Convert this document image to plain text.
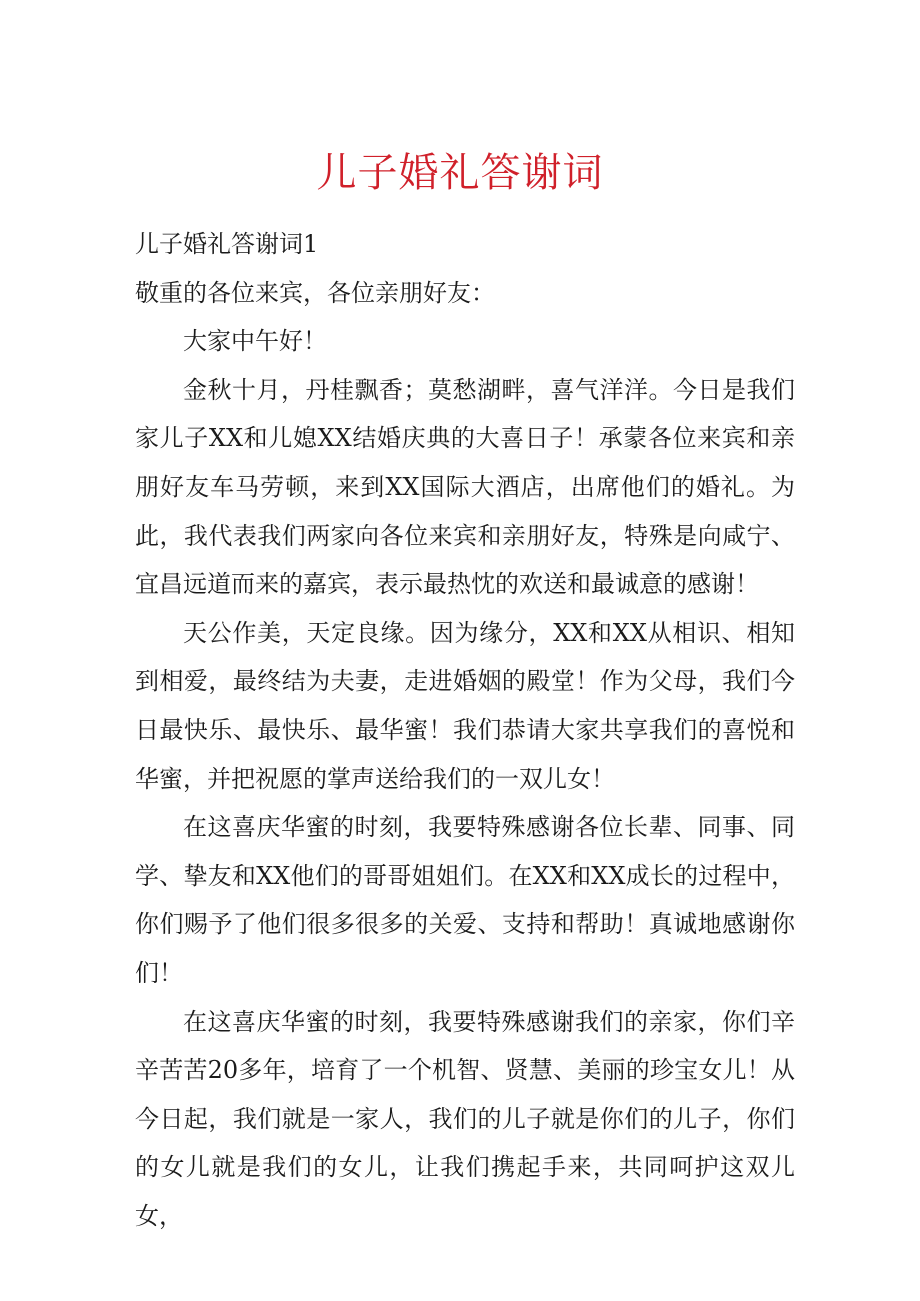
儿子婚礼答谢词

儿子婚礼答谢词1

敬重的各位来宾，各位亲朋好友：

大家中午好！

金秋十月，丹桂飘香；莫愁湖畔，喜气洋洋。今日是我们家儿子XX和儿媳XX结婚庆典的大喜日子！承蒙各位来宾和亲朋好友车马劳顿，来到XX国际大酒店，出席他们的婚礼。为此，我代表我们两家向各位来宾和亲朋好友，特殊是向咸宁、宜昌远道而来的嘉宾，表示最热忱的欢送和最诚意的感谢！

天公作美，天定良缘。因为缘分，XX和XX从相识、相知到相爱，最终结为夫妻，走进婚姻的殿堂！作为父母，我们今日最快乐、最快乐、最华蜜！我们恭请大家共享我们的喜悦和华蜜，并把祝愿的掌声送给我们的一双儿女！

在这喜庆华蜜的时刻，我要特殊感谢各位长辈、同事、同学、挚友和XX他们的哥哥姐姐们。在XX和XX成长的过程中，你们赐予了他们很多很多的关爱、支持和帮助！真诚地感谢你们！

在这喜庆华蜜的时刻，我要特殊感谢我们的亲家，你们辛辛苦苦20多年，培育了一个机智、贤慧、美丽的珍宝女儿！从今日起，我们就是一家人，我们的儿子就是你们的儿子，你们的女儿就是我们的女儿，让我们携起手来，共同呵护这双儿女，
